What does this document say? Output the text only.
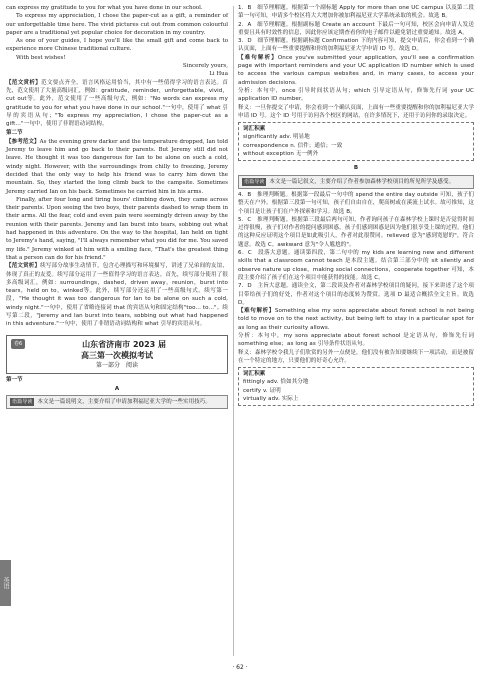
can express my gratitude to you for what you have done in our school.

To express my appreciation, I chose the paper-cut as a gift, a reminder of our unforgettable time here. The vivid pictures cut out from common colourful paper are a traditional yet popular choice for decoration in my country.

As one of your guides, I hope you'll like the small gift and come back to experience more Chinese traditional culture.

With best wishes!

Sincerely yours,

Li Hua

【范文赏析】范文要点齐全，语言风格运用恰当，其中有一些值得学习的语言表达。首先，范文使用了大量高级词汇，例如：gratitude，reminder，unforgettable，vivid，cut out等。此外，范文使用了一些高级句式，例如："No words can express my gratitude to you for what you have done in our school."一句中，使用了 what 引导的宾语从句；"To express my appreciation, I chose the paper-cut as a gift..."一句中，使用了非谓语动词结构。

第二节

【参考范文】As the evening grew darker and the temperature dropped, Ian told Jeremy to leave him and go back to their parents. But Jeremy still did not leave. He thought it was too dangerous for Ian to be alone on such a cold, windy night. However, with the surroundings from chilly to freezing, Jeremy decided that the only way to help his friend was to carry him down the mountain. So, they started the long climb back to the campsite. Sometimes Jeremy carried Ian on his back. Sometimes he carried him in his arms.

Finally, after four long and tiring hours' climbing down, they came across their parents. Upon seeing the two boys, their parents dashed to wrap them in their arms. All the fear, cold and even pain were seemingly driven away by the reunion with their parents. Jeremy and Ian burst into tears, sobbing out what had happened in this adventure. On the way to the hospital, Ian held on tight to Jeremy's hand, saying, "I'll always remember what you did for me. You saved my life." Jeremy winked at him with a smiling face, "That's the greatest thing that a person can do for his friend."

【范文赏析】续写部分故事生动情节，包含心理描写和环境描写，讲述了兄弟间的友谊，体现了真正的友爱。续写部分运用了一些值得学习的语言表达。首先，续写部分使用了很多高级词汇，例如：surroundings，dashed，driven away，reunion，burst into tears，held on to，winked等。此外，续写部分还运用了一些高级句式。续写第一段，"He thought it was too dangerous for Ian to be alone on such a cold, windy night."一句中，使用了省略连接词 that 的宾语从句和固定结构"too... to..."。续写第二段，"Jeremy and Ian burst into tears, sobbing out what had happened in this adventure."一句中，使用了非谓语动词结构和 what 引导的宾语从句。

卷6	山东省济南市 2023 届
高三第一次模拟考试
第一部分　阅读

第一节

A

语篇导读 本文是一篇说明文，主要介绍了申请加利福尼亚大学的一些实用技巧。

1．B　细节理解题。根据第一个副标题 Apply for more than one UC campus 以及第二段第一句可知，申请多个校区将大大增加你被加利福尼亚大学系统录取的机会。故选 B。

2．A　细节理解题。根据副标题 Create an account 下最后一句可知，校区会向申请人发送重要且具有时效性的信息，因此你应该定期查看你的电子邮件以避免错过重要通知。故选 A。

3．D　细节理解题。根据副标题 Confirmation 下的内容可知，提交申请后，你会看到一个确认页面，上面有一些重要提醒和你的加利福尼亚大学申请 ID 号。故选 D。

【难句解析】Once you've submitted your application, you'll see a confirmation page with important reminders and your UC application ID number which is used to access the various campus websites and, in many cases, to access your admission decisions.

分析：本句中，once 引导时间状语从句；which 引导定语从句，修饰先行词 your UC application ID number。

释义：一旦你提交了申请，你会看到一个确认页面，上面有一些重要提醒和你的加利福尼亚大学申请 ID 号。这个 ID 号用于访问各个校区的网站，在许多情况下，还用于访问你的录取决定。

词汇积累
significantly adv. 明显地
correspondence n. 信件；通信；一致
without exception 无一例外

B

语篇导读 本文是一篇记叙文，主要介绍了作者参加森林学校项目的所见所学及感受。

4．B　推理判断题。根据第一段最后一句中的 spend the entire day outside 可知，孩子们整天在户外。根据第三段第一句可知，孩子们自由自在，爬高树或在溪流上试水。故可推知，这个项目是让孩子们在户外探索和学习。故选 B。

5．C　推理判断题。根据第三段最后两句可知，作者询问孩子在森林学校上课时是否觉得时间过得很慢，孩子们对作者的提问感到困惑，孩子们感到困惑是因为他们很享受上课的过程，他们的这种反应证明这个项目是如此吸引人，作者对此很赞同。relieved 意为"感到宽慰的"，符合题意。故选 C。awkward 意为"令人尴尬的"。

6．C　段落大意题。通读第四段，第二句中的 my kids are learning new and different skills that a classroom cannot teach 是本段主题。结合第三部分中的 sit silently and observe nature up close，making social connections，cooperate together 可知，本段主要介绍了孩子们在这个项目中能获得的技能。故选 C。

7．D　主旨大意题。通读全文，第二段谈及作者对森林学校项目的疑问，接下来讲述了这个项目带给孩子们的好处，作者对这个项目的态度转为赞赏。选项 D 最适合概括全文主旨。故选 D。

【难句解析】Something else my sons appreciate about forest school is not being told to move on to the next activity, but being left to stay in a particular spot for as long as their curiosity allows.

分析：本句中，my sons appreciate about forest school 是定语从句，修饰先行词 something else；as long as 引导条件状语从句。

释义：森林学校令我儿子们欣赏的另外一点便是，他们没有被告知要继续下一项活动，而是被留在一个特定的地方，只要他们的好奇心允许。

词汇积累
fittingly adv. 恰如其分地
certify v. 证明
virtually adv. 实际上
英语
· 62 ·
